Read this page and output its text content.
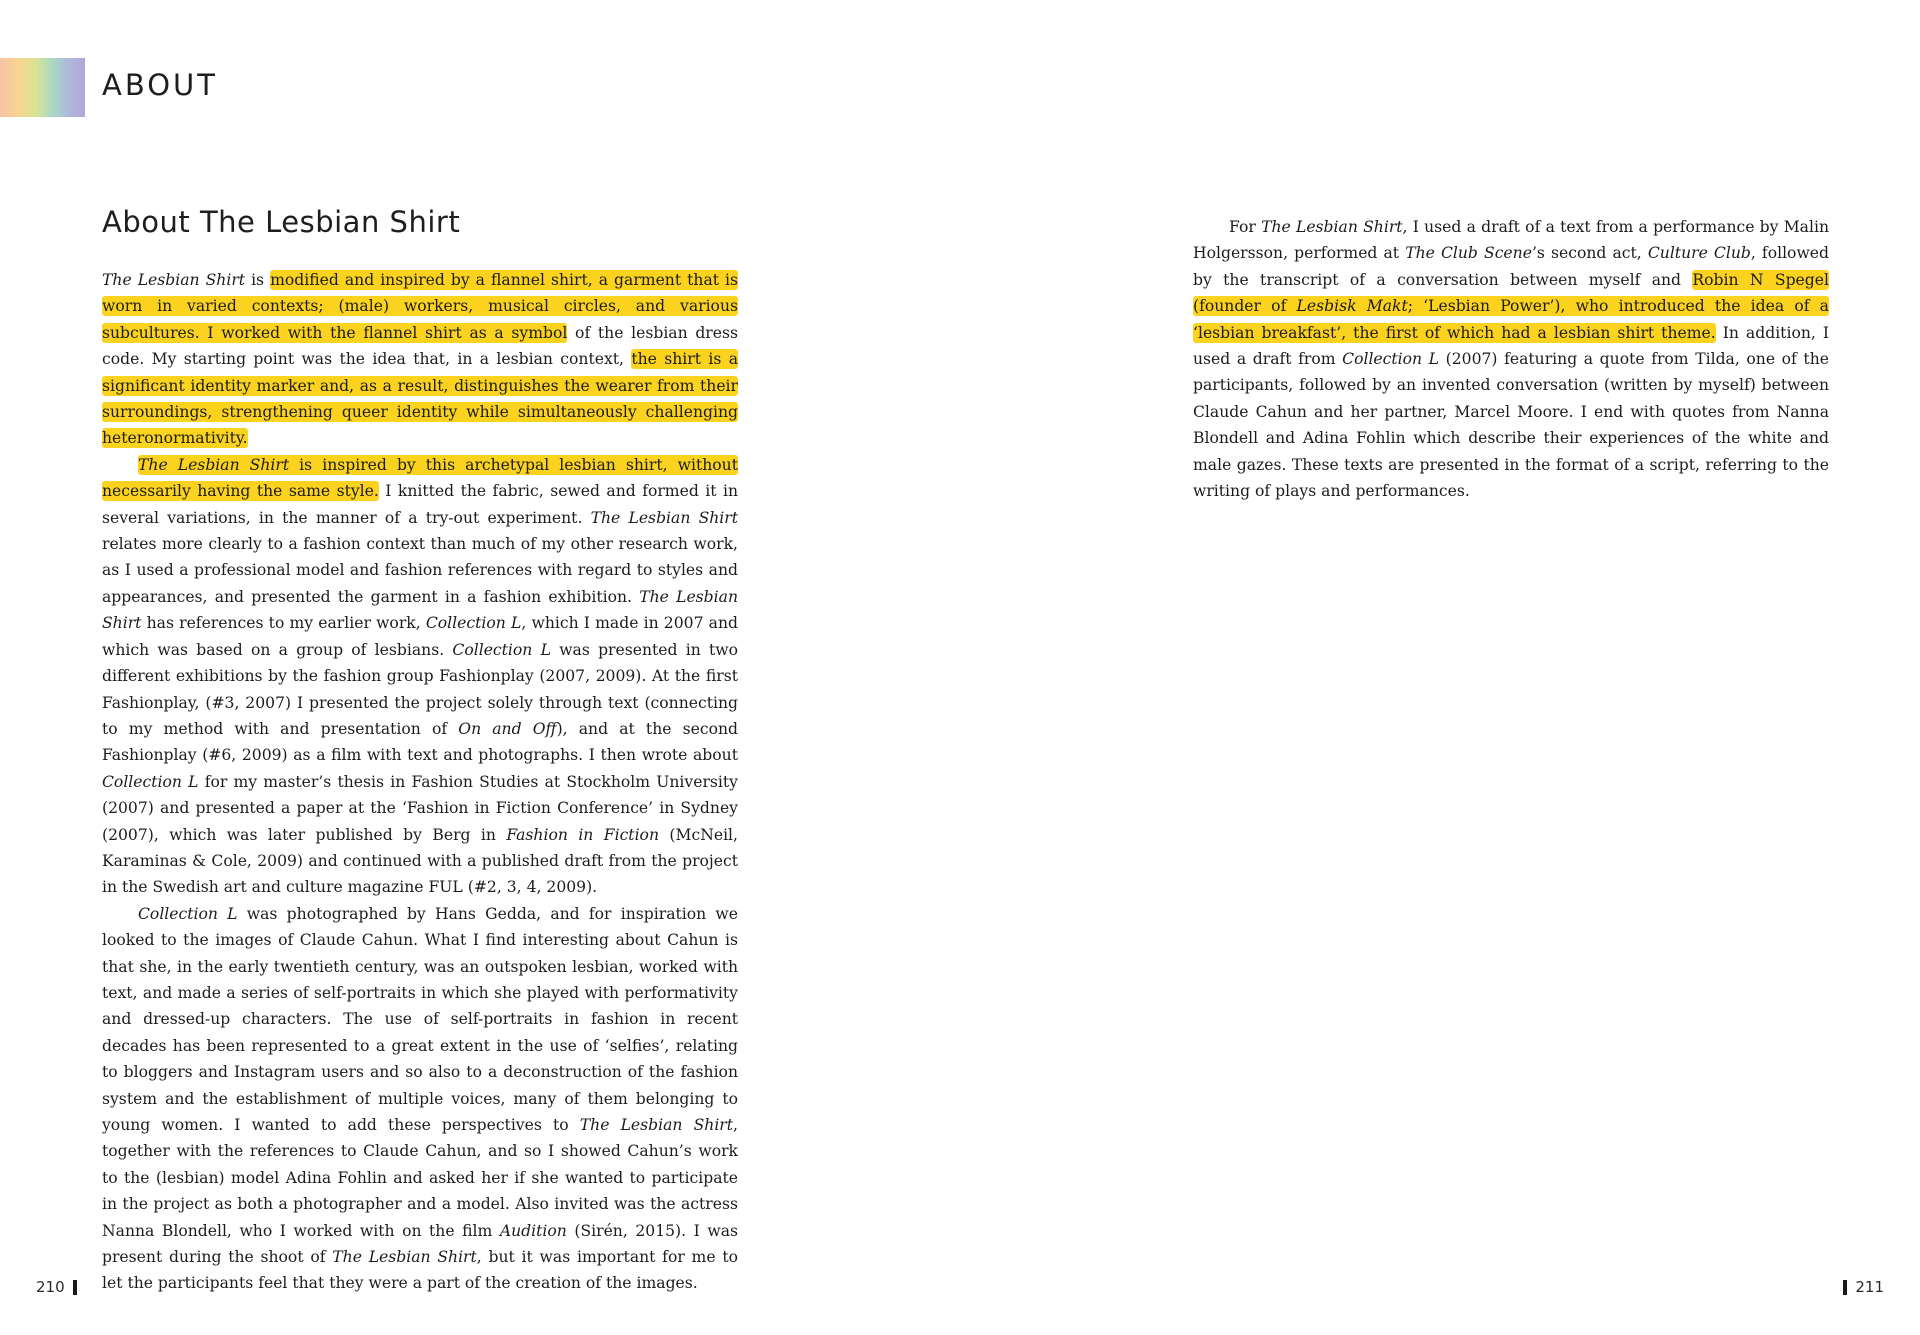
ABOUT
About The Lesbian Shirt

The Lesbian Shirt is modified and inspired by a flannel shirt, a garment that is worn in varied contexts; (male) workers, musical circles, and various subcultures. I worked with the flannel shirt as a symbol of the lesbian dress code. My starting point was the idea that, in a lesbian context, the shirt is a significant identity marker and, as a result, distinguishes the wearer from their surroundings, strengthening queer identity while simultaneously challenging heteronormativity.

The Lesbian Shirt is inspired by this archetypal lesbian shirt, without necessarily having the same style. I knitted the fabric, sewed and formed it in several variations, in the manner of a try-out experiment. The Lesbian Shirt relates more clearly to a fashion context than much of my other research work, as I used a professional model and fashion references with regard to styles and appearances, and presented the garment in a fashion exhibition. The Lesbian Shirt has references to my earlier work, Collection L, which I made in 2007 and which was based on a group of lesbians. Collection L was presented in two different exhibitions by the fashion group Fashionplay (2007, 2009). At the first Fashionplay, (#3, 2007) I presented the project solely through text (connecting to my method with and presentation of On and Off), and at the second Fashionplay (#6, 2009) as a film with text and photographs. I then wrote about Collection L for my master’s thesis in Fashion Studies at Stockholm University (2007) and presented a paper at the ‘Fashion in Fiction Conference’ in Sydney (2007), which was later published by Berg in Fashion in Fiction (McNeil, Karaminas & Cole, 2009) and continued with a published draft from the project in the Swedish art and culture magazine FUL (#2, 3, 4, 2009).

Collection L was photographed by Hans Gedda, and for inspiration we looked to the images of Claude Cahun. What I find interesting about Cahun is that she, in the early twentieth century, was an outspoken lesbian, worked with text, and made a series of self-portraits in which she played with performativity and dressed-up characters. The use of self-portraits in fashion in recent decades has been represented to a great extent in the use of ‘selfies’, relating to bloggers and Instagram users and so also to a deconstruction of the fashion system and the establishment of multiple voices, many of them belonging to young women. I wanted to add these perspectives to The Lesbian Shirt, together with the references to Claude Cahun, and so I showed Cahun’s work to the (lesbian) model Adina Fohlin and asked her if she wanted to participate in the project as both a photographer and a model. Also invited was the actress Nanna Blondell, who I worked with on the film Audition (Sirén, 2015). I was present during the shoot of The Lesbian Shirt, but it was important for me to let the participants feel that they were a part of the creation of the images.

For The Lesbian Shirt, I used a draft of a text from a performance by Malin Holgersson, performed at The Club Scene’s second act, Culture Club, followed by the transcript of a conversation between myself and Robin N Spegel (founder of Lesbisk Makt; ‘Lesbian Power’), who introduced the idea of a ‘lesbian breakfast’, the first of which had a lesbian shirt theme. In addition, I used a draft from Collection L (2007) featuring a quote from Tilda, one of the participants, followed by an invented conversation (written by myself) between Claude Cahun and her partner, Marcel Moore. I end with quotes from Nanna Blondell and Adina Fohlin which describe their experiences of the white and male gazes. These texts are presented in the format of a script, referring to the writing of plays and performances.

210	211
